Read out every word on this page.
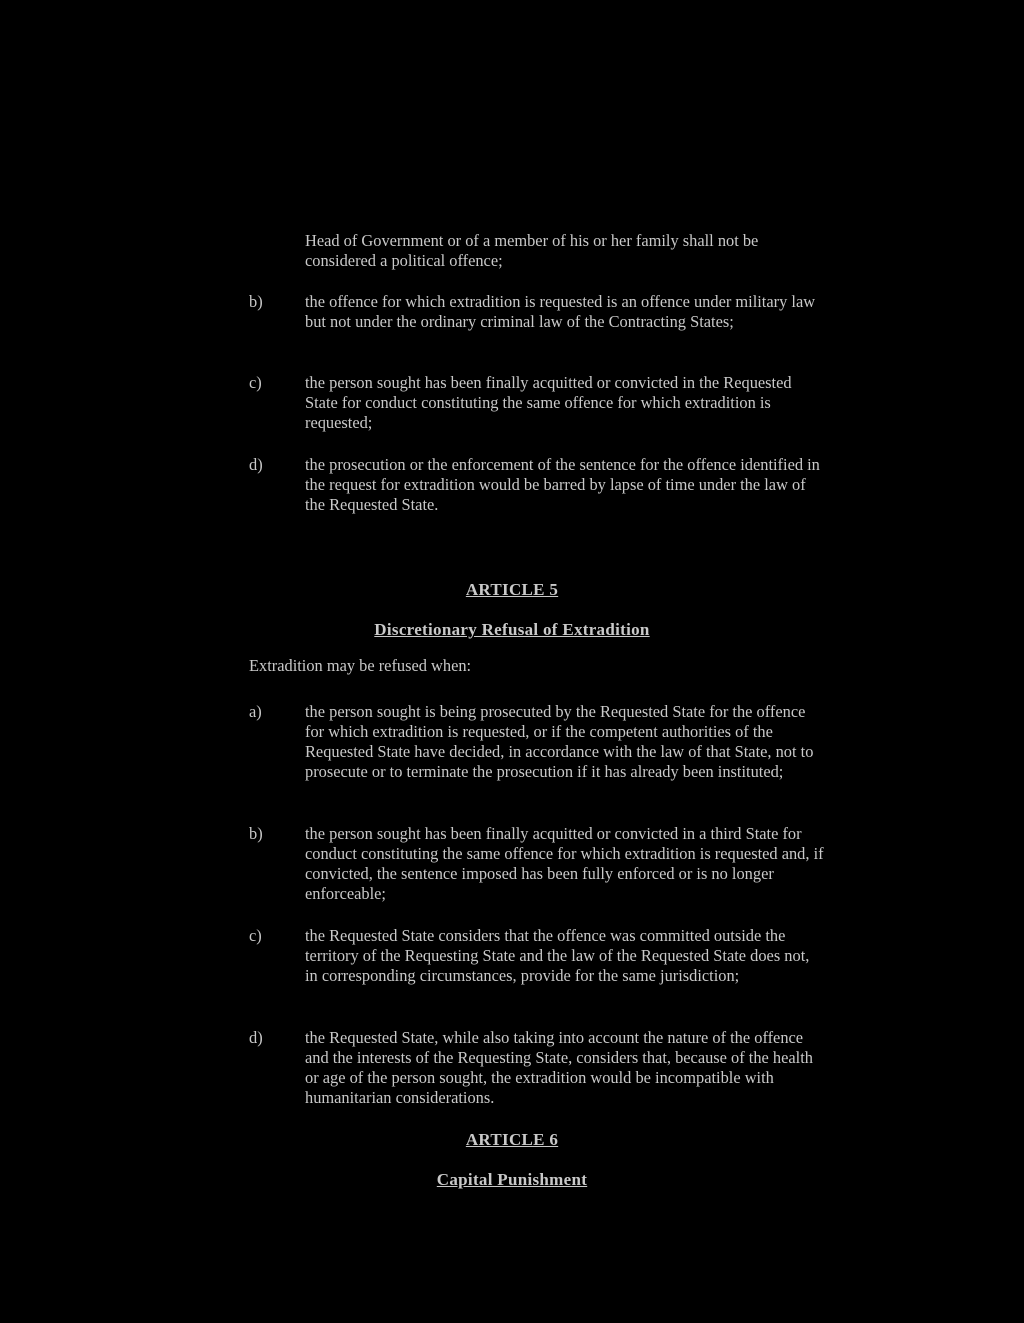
Head of Government or of a member of his or her family shall not be considered a political offence;

b)	the offence for which extradition is requested is an offence under military law but not under the ordinary criminal law of the Contracting States;

c)	the person sought has been finally acquitted or convicted in the Requested State for conduct constituting the same offence for which extradition is requested;

d)	the prosecution or the enforcement of the sentence for the offence identified in the request for extradition would be barred by lapse of time under the law of the Requested State.

ARTICLE 5
Discretionary Refusal of Extradition

Extradition may be refused when:

a)	the person sought is being prosecuted by the Requested State for the offence for which extradition is requested, or if the competent authorities of the Requested State have decided, in accordance with the law of that State, not to prosecute or to terminate the prosecution if it has already been instituted;

b)	the person sought has been finally acquitted or convicted in a third State for conduct constituting the same offence for which extradition is requested and, if convicted, the sentence imposed has been fully enforced or is no longer enforceable;

c)	the Requested State considers that the offence was committed outside the territory of the Requesting State and the law of the Requested State does not, in corresponding circumstances, provide for the same jurisdiction;

d)	the Requested State, while also taking into account the nature of the offence and the interests of the Requesting State, considers that, because of the health or age of the person sought, the extradition would be incompatible with humanitarian considerations.

ARTICLE 6
Capital Punishment
